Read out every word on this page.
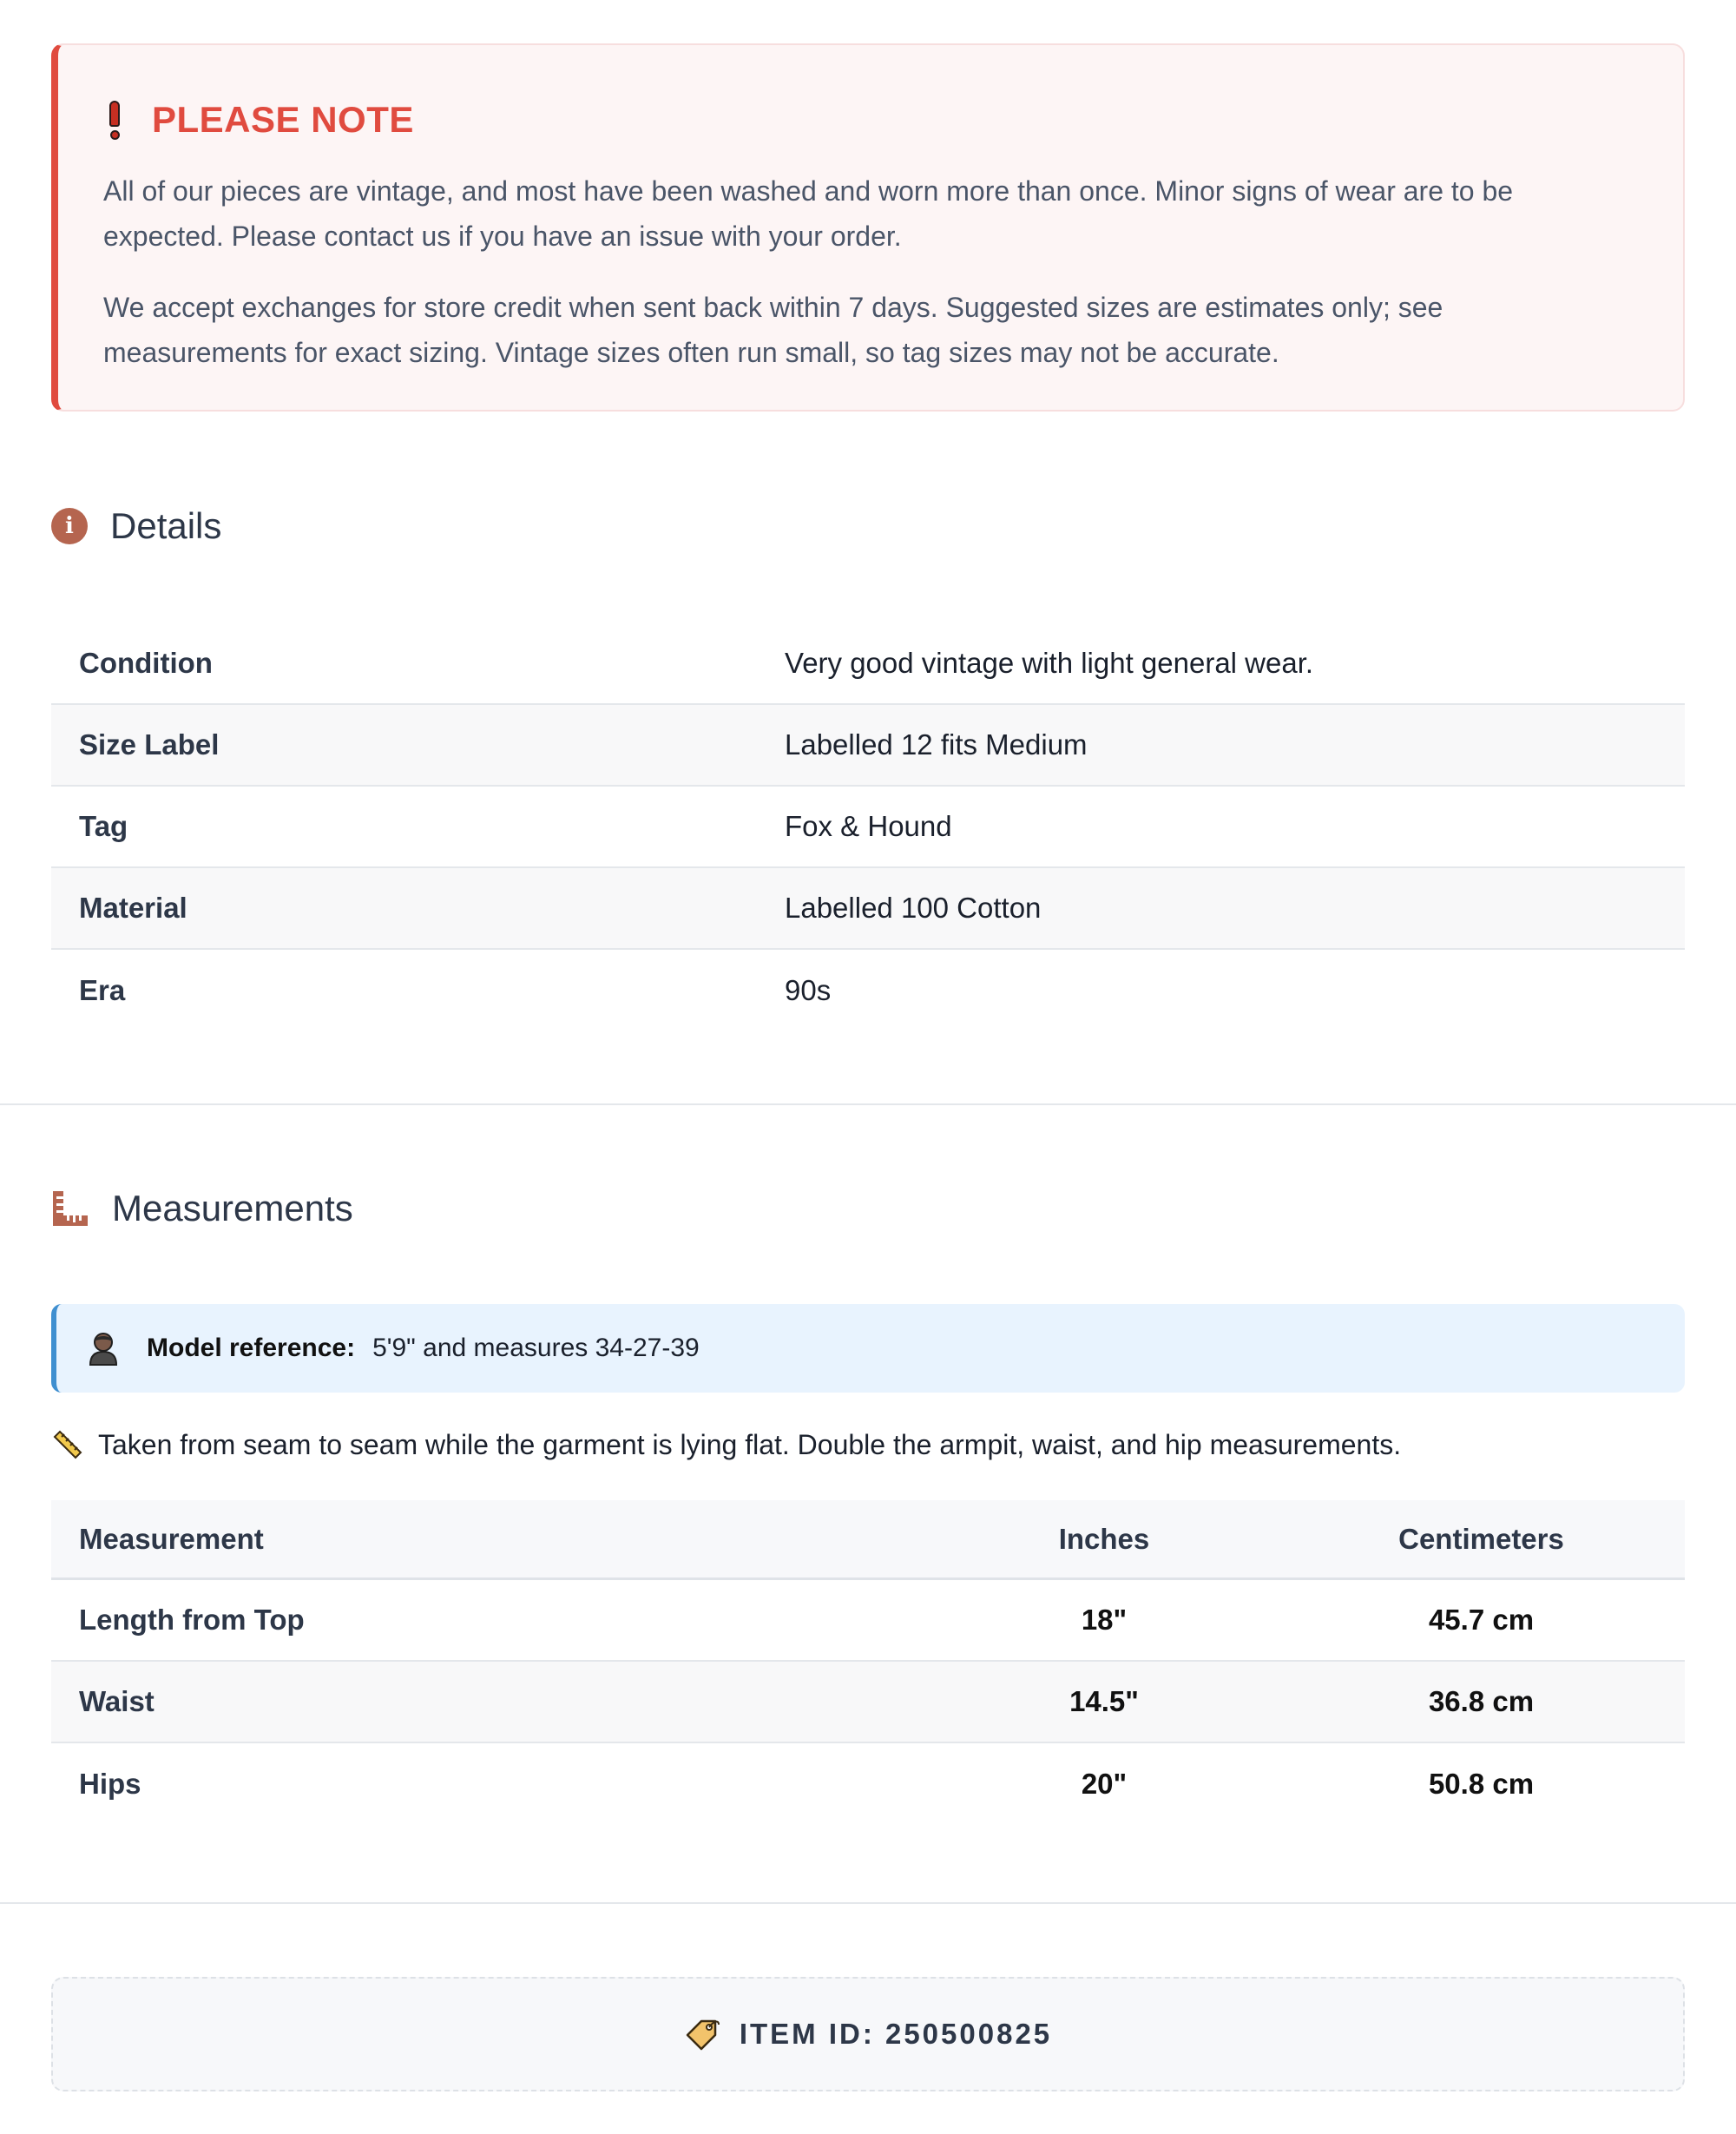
PLEASE NOTE

All of our pieces are vintage, and most have been washed and worn more than once. Minor signs of wear are to be expected. Please contact us if you have an issue with your order.

We accept exchanges for store credit when sent back within 7 days. Suggested sizes are estimates only; see measurements for exact sizing. Vintage sizes often run small, so tag sizes may not be accurate.

i	Details
Condition	Very good vintage with light general wear.
Size Label	Labelled 12 fits Medium
Tag	Fox & Hound
Material	Labelled 100 Cotton
Era	90s
Measurements
Model reference: 5'9" and measures 34-27-39
Taken from seam to seam while the garment is lying flat. Double the armpit, waist, and hip measurements.
Measurement	Inches	Centimeters
Length from Top	18"	45.7 cm
Waist	14.5"	36.8 cm
Hips	20"	50.8 cm
ITEM ID: 250500825
